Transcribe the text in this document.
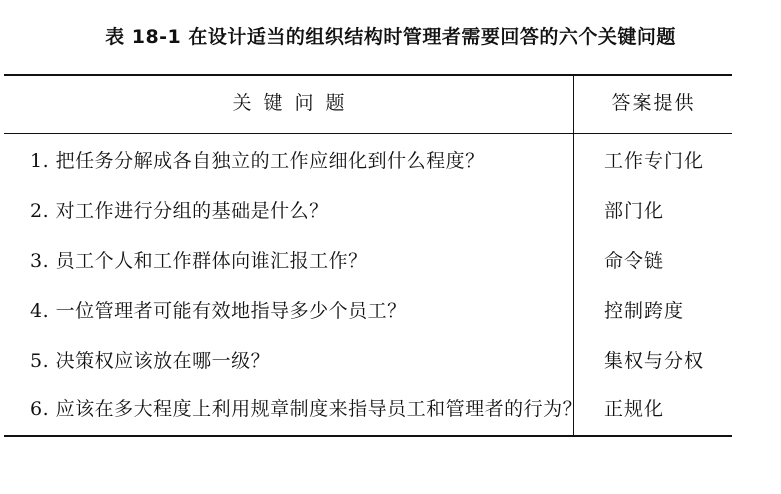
表 18-1 在设计适当的组织结构时管理者需要回答的六个关键问题
关键问题	答案提供
1. 把任务分解成各自独立的工作应细化到什么程度？	工作专门化
2. 对工作进行分组的基础是什么？	部门化
3. 员工个人和工作群体向谁汇报工作？	命令链
4. 一位管理者可能有效地指导多少个员工？	控制跨度
5. 决策权应该放在哪一级？	集权与分权
6. 应该在多大程度上利用规章制度来指导员工和管理者的行为？ 正规化
